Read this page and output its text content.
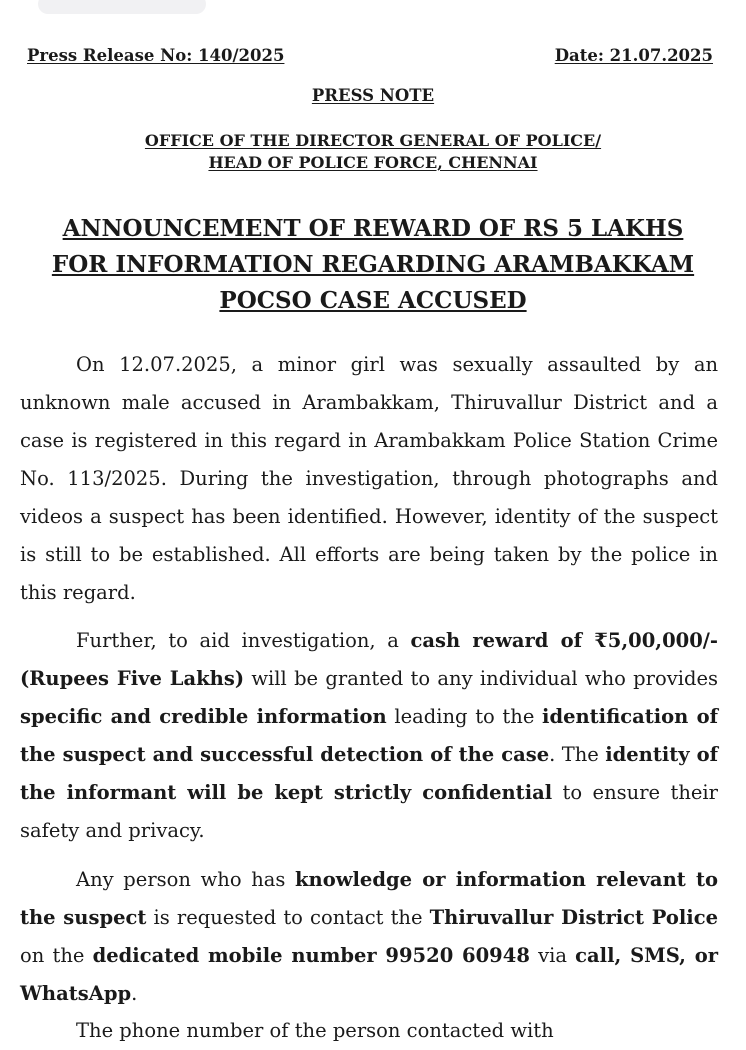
Press Release No: 140/2025	Date: 21.07.2025
PRESS NOTE
OFFICE OF THE DIRECTOR GENERAL OF POLICE/
HEAD OF POLICE FORCE, CHENNAI
ANNOUNCEMENT OF REWARD OF RS 5 LAKHS
FOR INFORMATION REGARDING ARAMBAKKAM
POCSO CASE ACCUSED

On 12.07.2025, a minor girl was sexually assaulted by an unknown male accused in Arambakkam, Thiruvallur District and a case is registered in this regard in Arambakkam Police Station Crime No. 113/2025. During the investigation, through photographs and videos a suspect has been identified. However, identity of the suspect is still to be established. All efforts are being taken by the police in this regard.

Further, to aid investigation, a cash reward of ₹5,00,000/- (Rupees Five Lakhs) will be granted to any individual who provides specific and credible information leading to the identification of the suspect and successful detection of the case. The identity of the informant will be kept strictly confidential to ensure their safety and privacy.

Any person who has knowledge or information relevant to the suspect is requested to contact the Thiruvallur District Police on the dedicated mobile number 99520 60948 via call, SMS, or WhatsApp.

The phone number of the person contacted with
